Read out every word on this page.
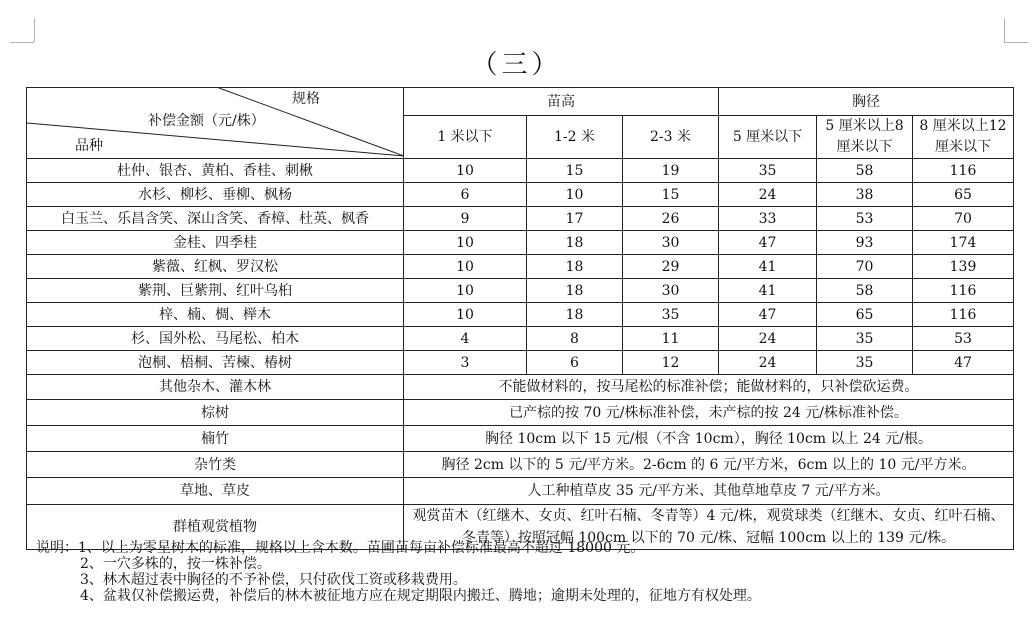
（三）
规格
补偿金额（元/株）
品种	苗高			胸径		
	1 米以下	1-2 米	2-3 米	5 厘米以下	5 厘米以上8 厘米以下	8 厘米以上12 厘米以下
杜仲、银杏、黄柏、香桂、刺楸	10	15	19	35	58	116
水杉、柳杉、垂柳、枫杨	6	10	15	24	38	65
白玉兰、乐昌含笑、深山含笑、香樟、杜英、枫香	9	17	26	33	53	70
金桂、四季桂	10	18	30	47	93	174
紫薇、红枫、罗汉松	10	18	29	41	70	139
紫荆、巨紫荆、红叶乌桕	10	18	30	41	58	116
梓、楠、椆、榉木	10	18	35	47	65	116
杉、国外松、马尾松、柏木	4	8	11	24	35	53
泡桐、梧桐、苦楝、椿树	3	6	12	24	35	47
其他杂木、灌木林	不能做材料的，按马尾松的标准补偿；能做材料的，只补偿砍运费。					
棕树	已产棕的按 70 元/株标准补偿，未产棕的按 24 元/株标准补偿。					
楠竹	胸径 10cm 以下 15 元/根（不含 10cm），胸径 10cm 以上 24 元/根。					
杂竹类	胸径 2cm 以下的 5 元/平方米。2-6cm 的 6 元/平方米，6cm 以上的 10 元/平方米。					
草地、草皮	人工种植草皮 35 元/平方米、其他草地草皮 7 元/平方米。					
群植观赏植物	观赏苗木（红继木、女贞、红叶石楠、冬青等）4 元/株，观赏球类（红继木、女贞、红叶石楠、冬青等）按照冠幅 100cm 以下的 70 元/株、冠幅 100cm 以上的 139 元/株。					
说明：1、以上为零星树木的标准，规格以上含本数。苗圃苗每亩补偿标准最高不超过 18000 元。
2、一穴多株的，按一株补偿。
3、林木超过表中胸径的不予补偿，只付砍伐工资或移栽费用。
4、盆栽仅补偿搬运费，补偿后的林木被征地方应在规定期限内搬迁、腾地；逾期未处理的，征地方有权处理。
